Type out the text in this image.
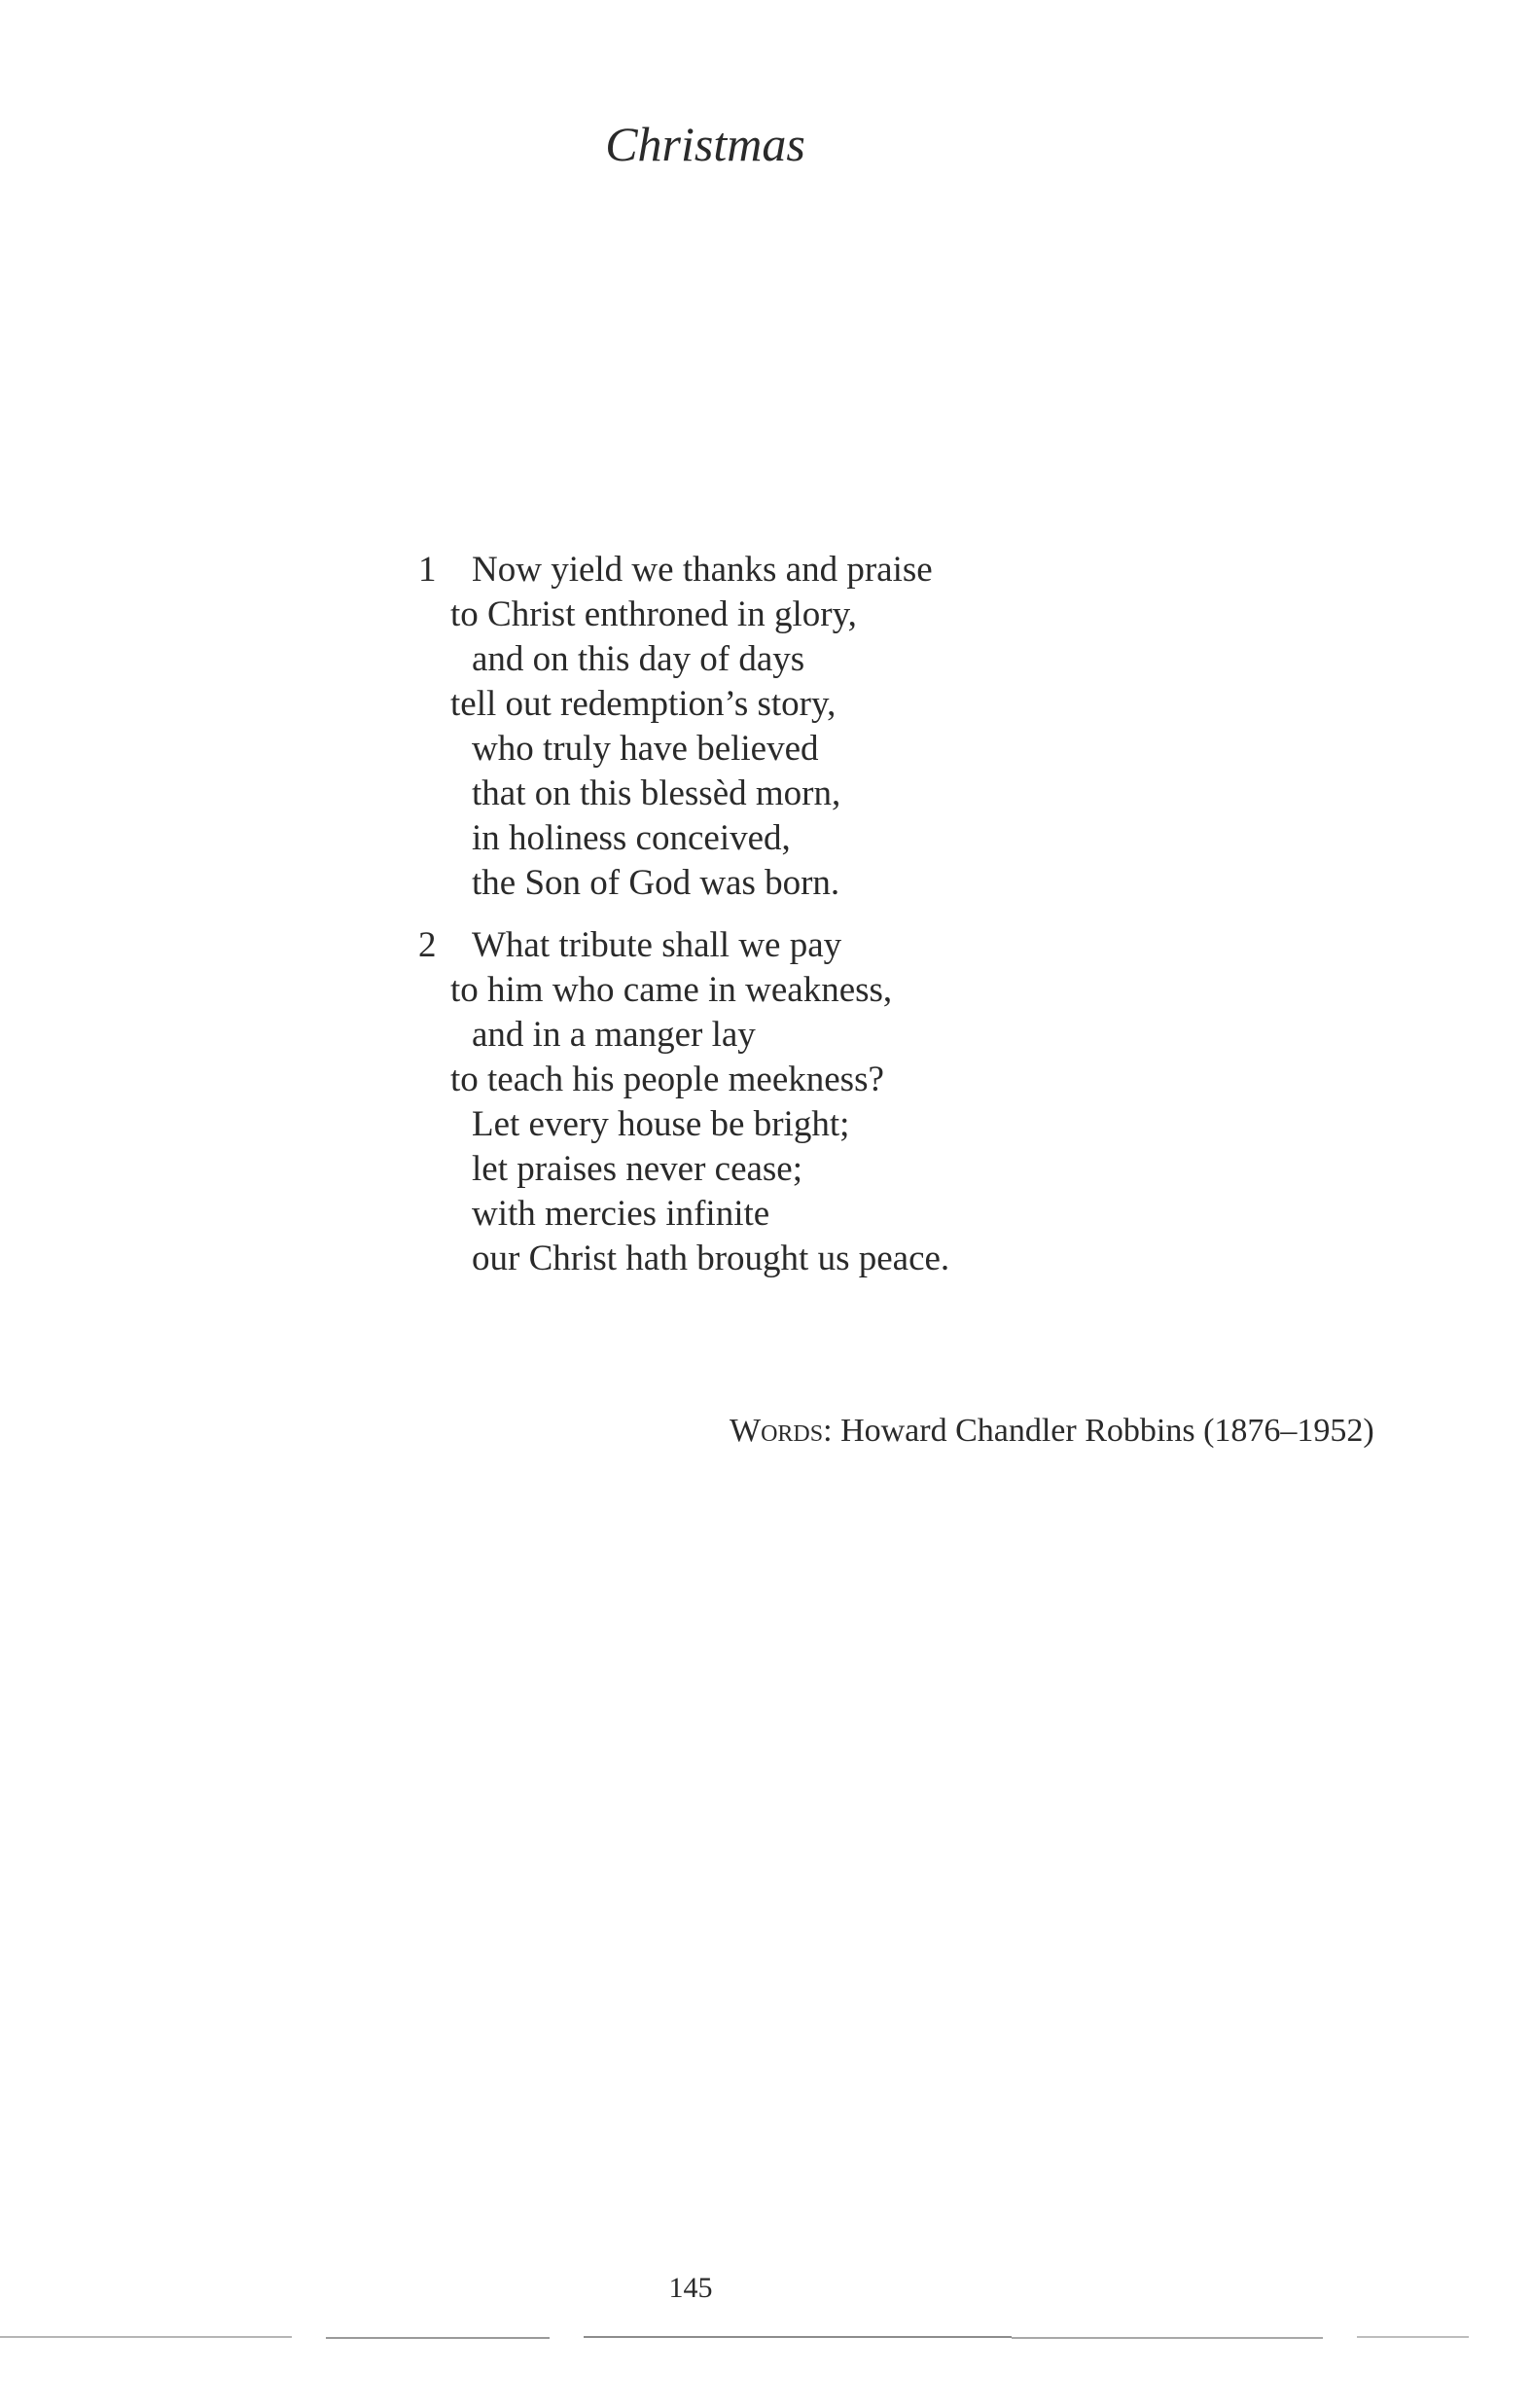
Christmas
1 Now yield we thanks and praise
to Christ enthroned in glory,
and on this day of days
tell out redemption’s story,
who truly have believed
that on this blessèd morn,
in holiness conceived,
the Son of God was born.
2 What tribute shall we pay
to him who came in weakness,
and in a manger lay
to teach his people meekness?
Let every house be bright;
let praises never cease;
with mercies infinite
our Christ hath brought us peace.
Words: Howard Chandler Robbins (1876–1952)
145
